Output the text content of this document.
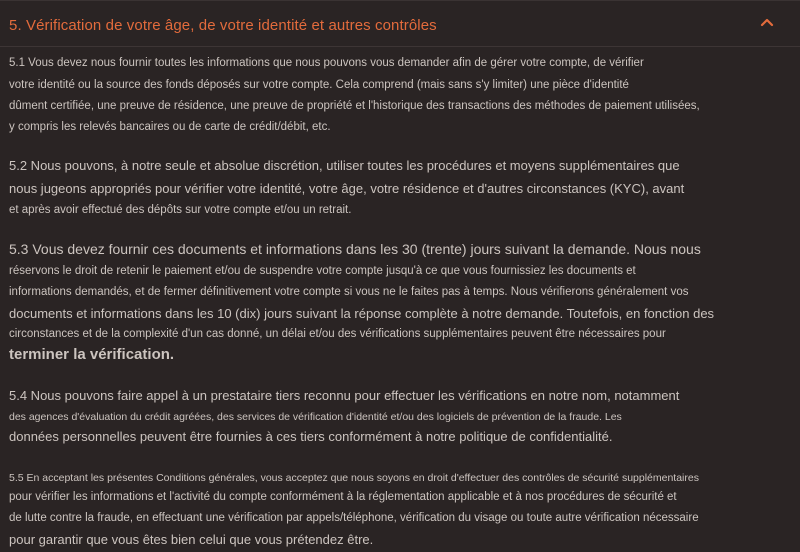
5. Vérification de votre âge, de votre identité et autres contrôles
5.1 Vous devez nous fournir toutes les informations que nous pouvons vous demander afin de gérer votre compte, de vérifier
votre identité ou la source des fonds déposés sur votre compte. Cela comprend (mais sans s'y limiter) une pièce d'identité
dûment certifiée, une preuve de résidence, une preuve de propriété et l'historique des transactions des méthodes de paiement utilisées,
y compris les relevés bancaires ou de carte de crédit/débit, etc.
5.2 Nous pouvons, à notre seule et absolue discrétion, utiliser toutes les procédures et moyens supplémentaires que
nous jugeons appropriés pour vérifier votre identité, votre âge, votre résidence et d'autres circonstances (KYC), avant
et après avoir effectué des dépôts sur votre compte et/ou un retrait.
5.3 Vous devez fournir ces documents et informations dans les 30 (trente) jours suivant la demande. Nous nous
réservons le droit de retenir le paiement et/ou de suspendre votre compte jusqu'à ce que vous fournissiez les documents et
informations demandés, et de fermer définitivement votre compte si vous ne le faites pas à temps. Nous vérifierons généralement vos
documents et informations dans les 10 (dix) jours suivant la réponse complète à notre demande. Toutefois, en fonction des
circonstances et de la complexité d'un cas donné, un délai et/ou des vérifications supplémentaires peuvent être nécessaires pour
terminer la vérification.
5.4 Nous pouvons faire appel à un prestataire tiers reconnu pour effectuer les vérifications en notre nom, notamment
des agences d'évaluation du crédit agréées, des services de vérification d'identité et/ou des logiciels de prévention de la fraude. Les
données personnelles peuvent être fournies à ces tiers conformément à notre politique de confidentialité.
5.5 En acceptant les présentes Conditions générales, vous acceptez que nous soyons en droit d'effectuer des contrôles de sécurité supplémentaires
pour vérifier les informations et l'activité du compte conformément à la réglementation applicable et à nos procédures de sécurité et
de lutte contre la fraude, en effectuant une vérification par appels/téléphone, vérification du visage ou toute autre vérification nécessaire
pour garantir que vous êtes bien celui que vous prétendez être.
